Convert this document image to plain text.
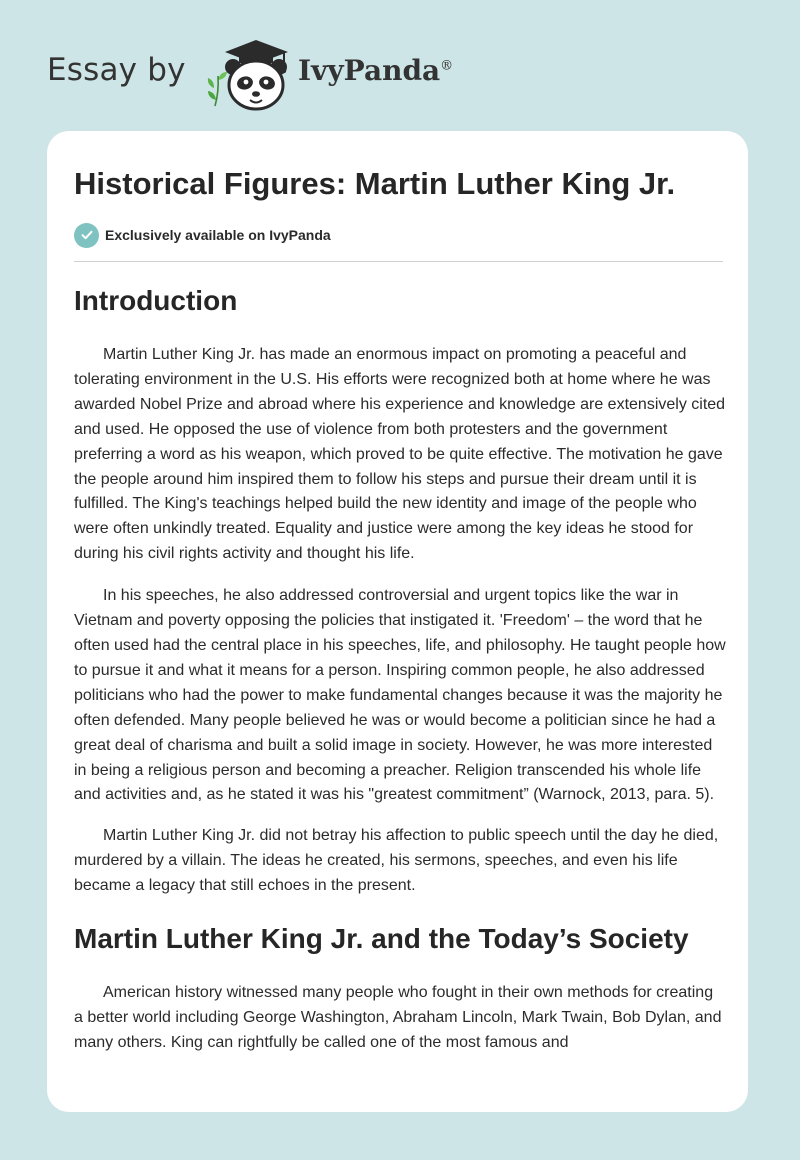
Essay by	IvyPanda®
Historical Figures: Martin Luther King Jr.
Exclusively available on IvyPanda
Introduction

Martin Luther King Jr. has made an enormous impact on promoting a peaceful and tolerating environment in the U.S. His efforts were recognized both at home where he was awarded Nobel Prize and abroad where his experience and knowledge are extensively cited and used. He opposed the use of violence from both protesters and the government preferring a word as his weapon, which proved to be quite effective. The motivation he gave the people around him inspired them to follow his steps and pursue their dream until it is fulfilled. The King's teachings helped build the new identity and image of the people who were often unkindly treated. Equality and justice were among the key ideas he stood for during his civil rights activity and thought his life.

In his speeches, he also addressed controversial and urgent topics like the war in Vietnam and poverty opposing the policies that instigated it. 'Freedom' – the word that he often used had the central place in his speeches, life, and philosophy. He taught people how to pursue it and what it means for a person. Inspiring common people, he also addressed politicians who had the power to make fundamental changes because it was the majority he often defended. Many people believed he was or would become a politician since he had a great deal of charisma and built a solid image in society. However, he was more interested in being a religious person and becoming a preacher. Religion transcended his whole life and activities and, as he stated it was his "greatest commitment” (Warnock, 2013, para. 5).

Martin Luther King Jr. did not betray his affection to public speech until the day he died, murdered by a villain. The ideas he created, his sermons, speeches, and even his life became a legacy that still echoes in the present.

Martin Luther King Jr. and the Today’s Society

American history witnessed many people who fought in their own methods for creating a better world including George Washington, Abraham Lincoln, Mark Twain, Bob Dylan, and many others. King can rightfully be called one of the most famous and
